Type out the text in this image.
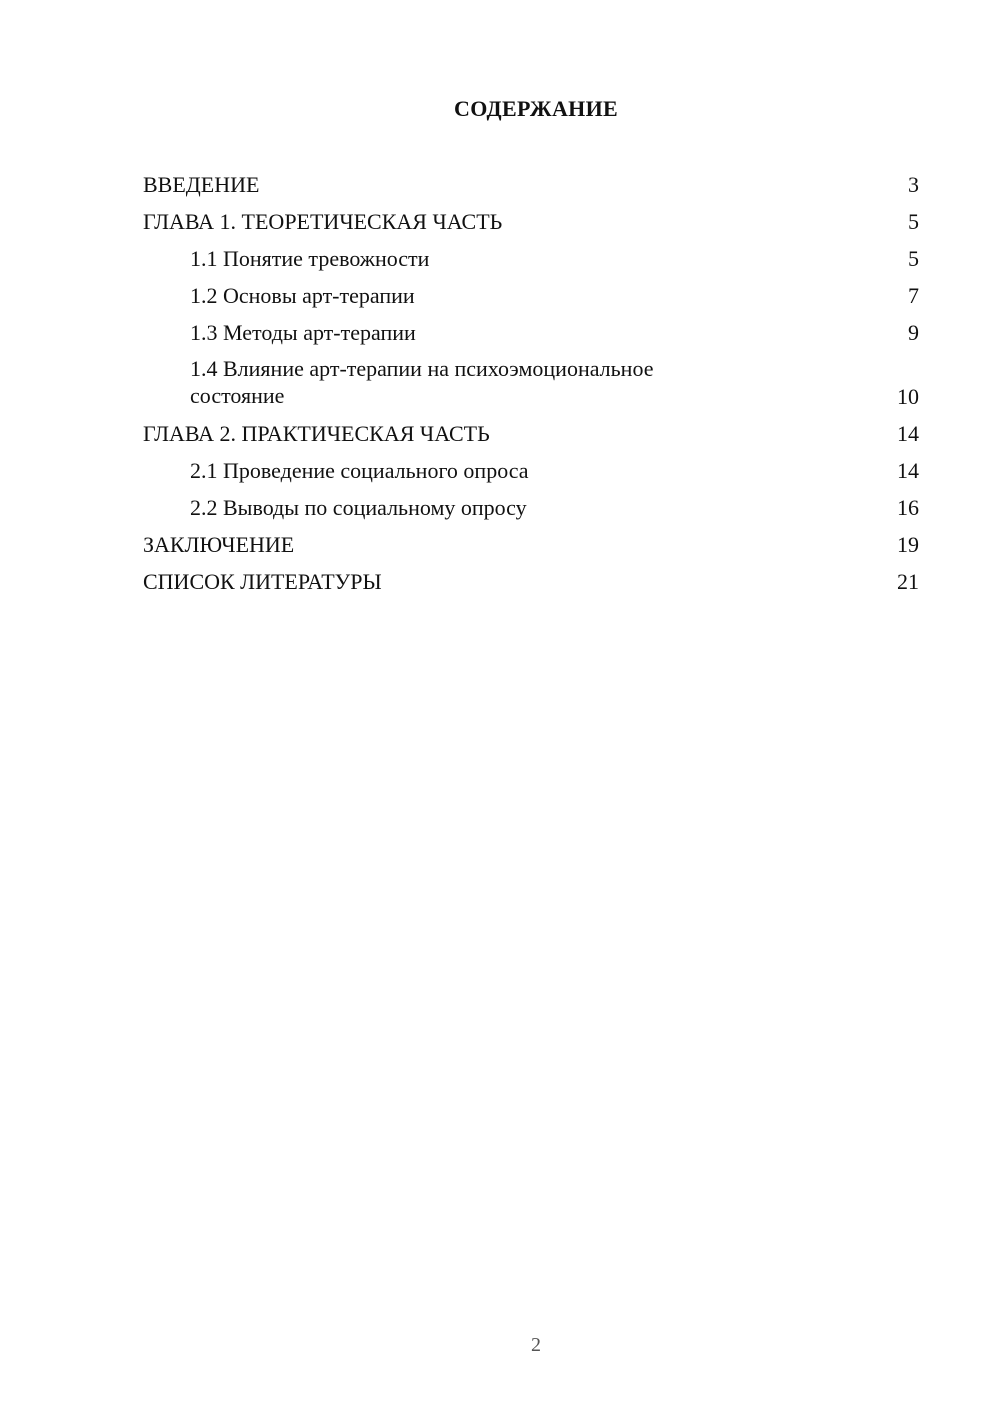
СОДЕРЖАНИЕ
ВВЕДЕНИЕ	3
ГЛАВА 1. ТЕОРЕТИЧЕСКАЯ ЧАСТЬ	5
1.1 Понятие тревожности	5
1.2 Основы арт-терапии	7
1.3 Методы арт-терапии	9
1.4 Влияние арт-терапии на психоэмоциональное состояние	10
ГЛАВА 2. ПРАКТИЧЕСКАЯ ЧАСТЬ	14
2.1 Проведение социального опроса	14
2.2 Выводы по социальному опросу	16
ЗАКЛЮЧЕНИЕ	19
СПИСОК ЛИТЕРАТУРЫ	21
2
